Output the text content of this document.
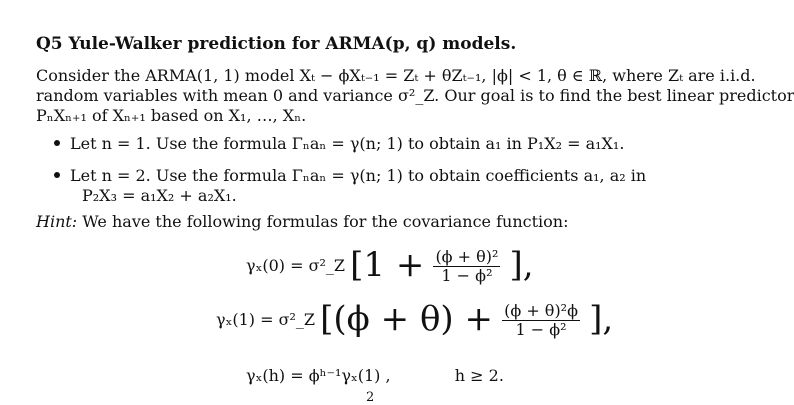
Q5 Yule-Walker prediction for ARMA(p, q) models.
Consider the ARMA(1, 1) model Xₜ − ϕXₜ₋₁ = Zₜ + θZₜ₋₁, |ϕ| < 1, θ ∈ ℝ, where Zₜ are i.i.d.
random variables with mean 0 and variance σ²_Z. Our goal is to find the best linear predictor
PₙXₙ₊₁ of Xₙ₊₁ based on X₁, …, Xₙ.
Let n = 1. Use the formula Γₙaₙ = γ(n; 1) to obtain a₁ in P₁X₂ = a₁X₁.
Let n = 2. Use the formula Γₙaₙ = γ(n; 1) to obtain coefficients a₁, a₂ in
P₂X₃ = a₁X₂ + a₂X₁.
Hint: We have the following formulas for the covariance function:
γₓ(0) = σ²_Z [$1 + \frac{\text{(ϕ + θ)²}}{\text{1 − ϕ²}}$ ],
γₓ(1) = σ²_Z [$(\phi + \theta) + \frac{\text{(ϕ + θ)²ϕ}}{\text{1 − ϕ²}}$ ],
γₓ(h) = ϕʰ⁻¹γₓ(1) ,	h ≥ 2.
2
